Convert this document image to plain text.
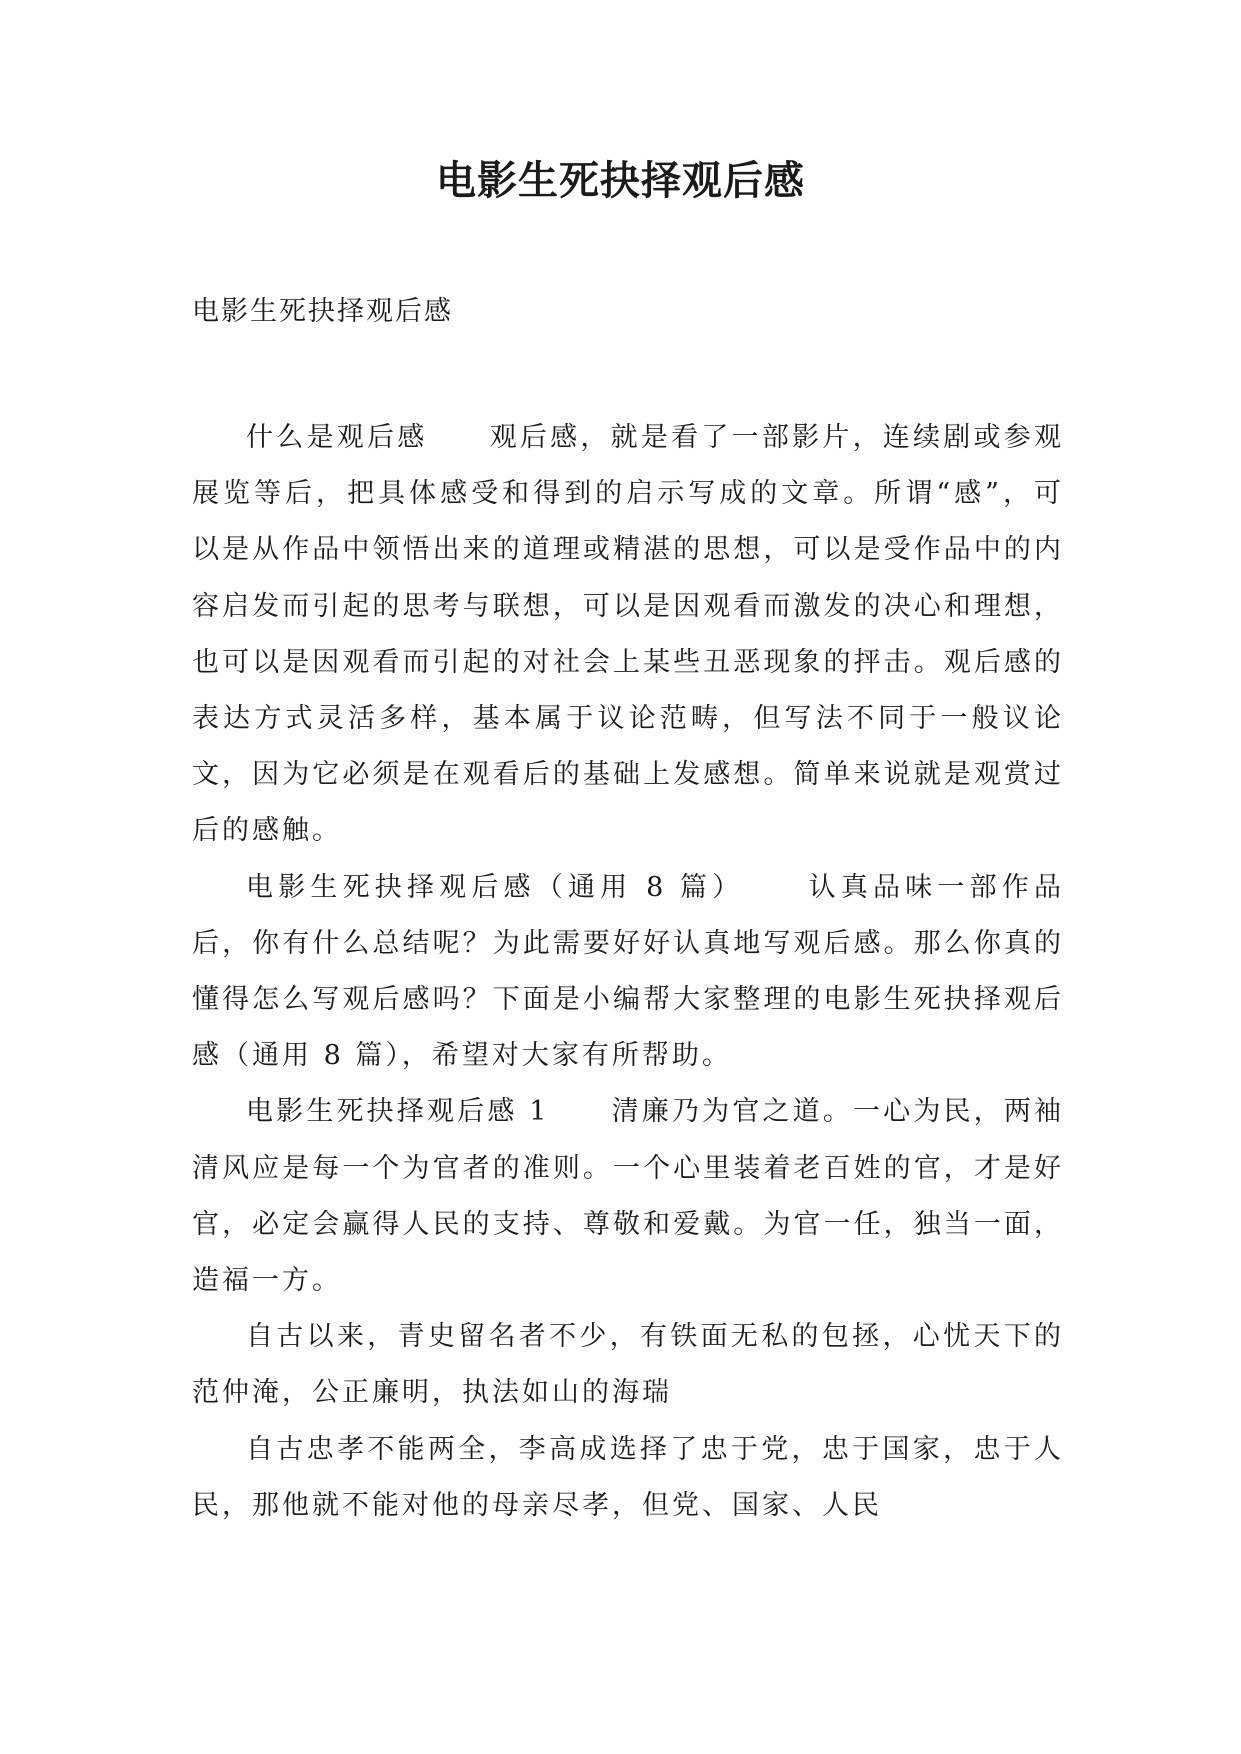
电影生死抉择观后感

电影生死抉择观后感

什么是观后感 观后感，就是看了一部影片，连续剧或参观展览等后，把具体感受和得到的启示写成的文章。所谓“感”，可以是从作品中领悟出来的道理或精湛的思想，可以是受作品中的内容启发而引起的思考与联想，可以是因观看而激发的决心和理想，也可以是因观看而引起的对社会上某些丑恶现象的抨击。观后感的表达方式灵活多样，基本属于议论范畴，但写法不同于一般议论文，因为它必须是在观看后的基础上发感想。简单来说就是观赏过后的感触。

电影生死抉择观后感（通用 8 篇） 认真品味一部作品后，你有什么总结呢？为此需要好好认真地写观后感。那么你真的懂得怎么写观后感吗？下面是小编帮大家整理的电影生死抉择观后感（通用 8 篇），希望对大家有所帮助。

电影生死抉择观后感 1 清廉乃为官之道。一心为民，两袖清风应是每一个为官者的准则。一个心里装着老百姓的官，才是好官，必定会赢得人民的支持、尊敬和爱戴。为官一任，独当一面，造福一方。

自古以来，青史留名者不少，有铁面无私的包拯，心忧天下的范仲淹，公正廉明，执法如山的海瑞

自古忠孝不能两全，李高成选择了忠于党，忠于国家，忠于人民，那他就不能对他的母亲尽孝，但党、国家、人民
